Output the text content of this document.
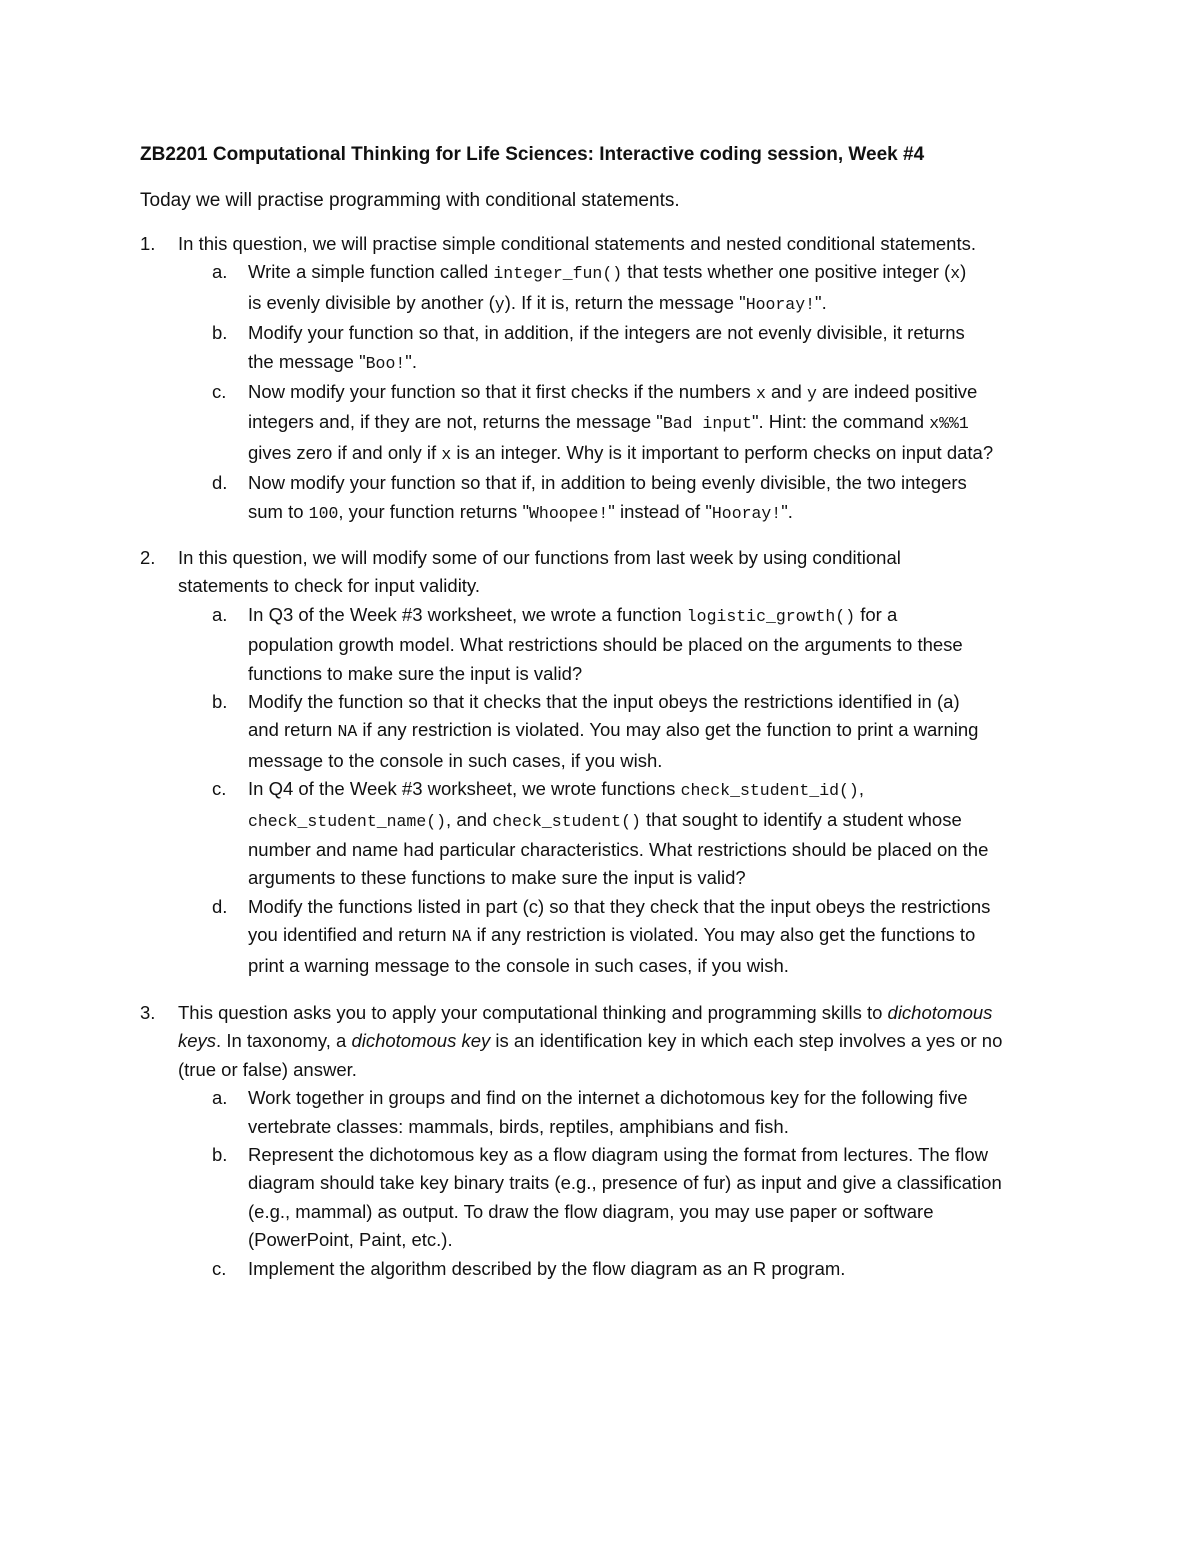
ZB2201 Computational Thinking for Life Sciences: Interactive coding session, Week #4
Today we will practise programming with conditional statements.
1. In this question, we will practise simple conditional statements and nested conditional statements.
a. Write a simple function called integer_fun() that tests whether one positive integer (x)
is evenly divisible by another (y). If it is, return the message "Hooray!".
b. Modify your function so that, in addition, if the integers are not evenly divisible, it returns
the message "Boo!".
c. Now modify your function so that it first checks if the numbers x and y are indeed positive
integers and, if they are not, returns the message "Bad input". Hint: the command x%%1
gives zero if and only if x is an integer. Why is it important to perform checks on input data?
d. Now modify your function so that if, in addition to being evenly divisible, the two integers
sum to 100, your function returns "Whoopee!" instead of "Hooray!".
2. In this question, we will modify some of our functions from last week by using conditional
statements to check for input validity.
a. In Q3 of the Week #3 worksheet, we wrote a function logistic_growth() for a
population growth model. What restrictions should be placed on the arguments to these
functions to make sure the input is valid?
b. Modify the function so that it checks that the input obeys the restrictions identified in (a)
and return NA if any restriction is violated. You may also get the function to print a warning
message to the console in such cases, if you wish.
c. In Q4 of the Week #3 worksheet, we wrote functions check_student_id(),
check_student_name(), and check_student() that sought to identify a student whose
number and name had particular characteristics. What restrictions should be placed on the
arguments to these functions to make sure the input is valid?
d. Modify the functions listed in part (c) so that they check that the input obeys the restrictions
you identified and return NA if any restriction is violated. You may also get the functions to
print a warning message to the console in such cases, if you wish.
3. This question asks you to apply your computational thinking and programming skills to dichotomous
keys. In taxonomy, a dichotomous key is an identification key in which each step involves a yes or no
(true or false) answer.
a. Work together in groups and find on the internet a dichotomous key for the following five
vertebrate classes: mammals, birds, reptiles, amphibians and fish.
b. Represent the dichotomous key as a flow diagram using the format from lectures. The flow
diagram should take key binary traits (e.g., presence of fur) as input and give a classification
(e.g., mammal) as output. To draw the flow diagram, you may use paper or software
(PowerPoint, Paint, etc.).
c. Implement the algorithm described by the flow diagram as an R program.
